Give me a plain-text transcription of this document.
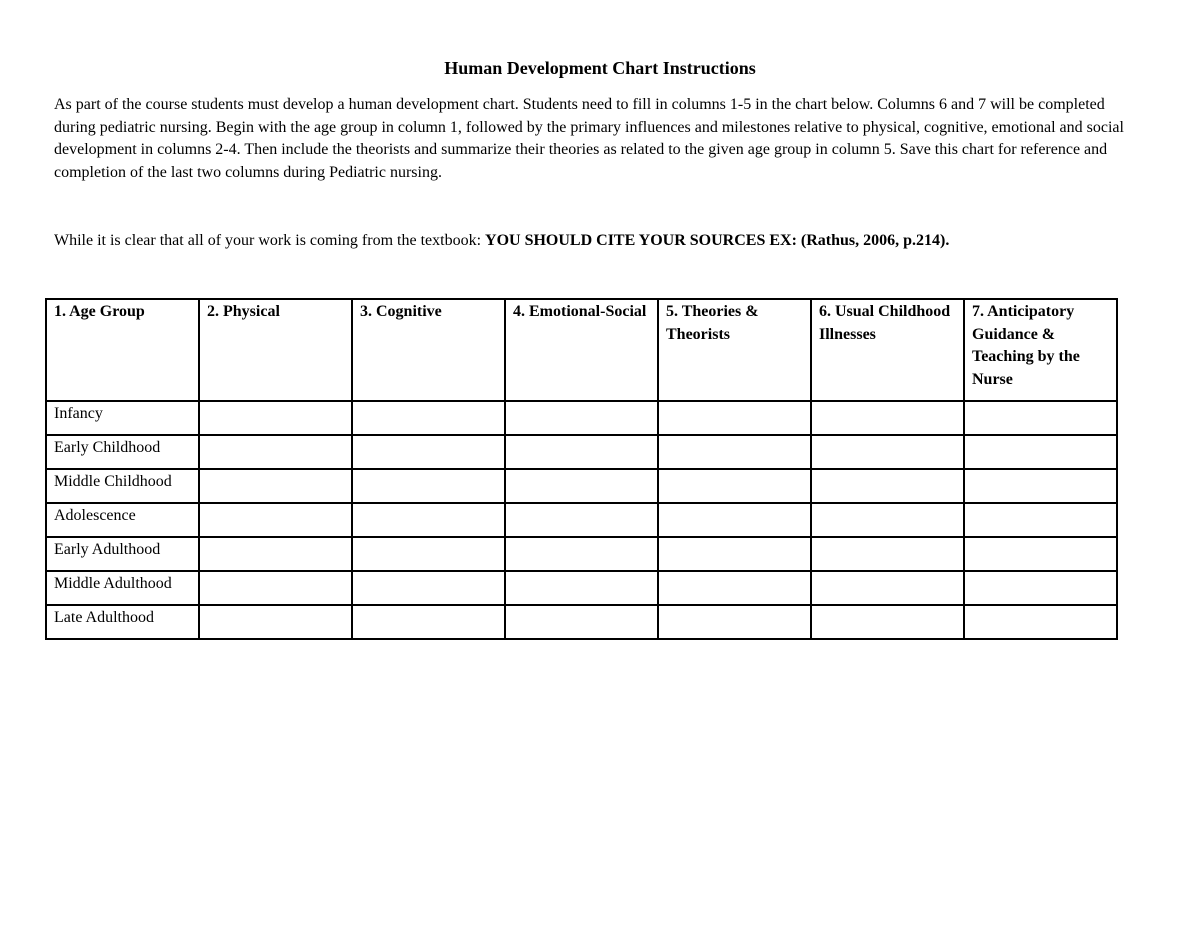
Human Development Chart Instructions

As part of the course students must develop a human development chart. Students need to fill in columns 1-5 in the chart below. Columns 6 and 7 will be completed during pediatric nursing. Begin with the age group in column 1, followed by the primary influences and milestones relative to physical, cognitive, emotional and social development in columns 2-4. Then include the theorists and summarize their theories as related to the given age group in column 5. Save this chart for reference and completion of the last two columns during Pediatric nursing.

While it is clear that all of your work is coming from the textbook: YOU SHOULD CITE YOUR SOURCES EX: (Rathus, 2006, p.214).

1. Age Group	2. Physical	3. Cognitive	4. Emotional-Social	5. Theories & Theorists	6. Usual Childhood Illnesses	7. Anticipatory Guidance & Teaching by the Nurse
Infancy						
Early Childhood						
Middle Childhood						
Adolescence						
Early Adulthood						
Middle Adulthood						
Late Adulthood						
